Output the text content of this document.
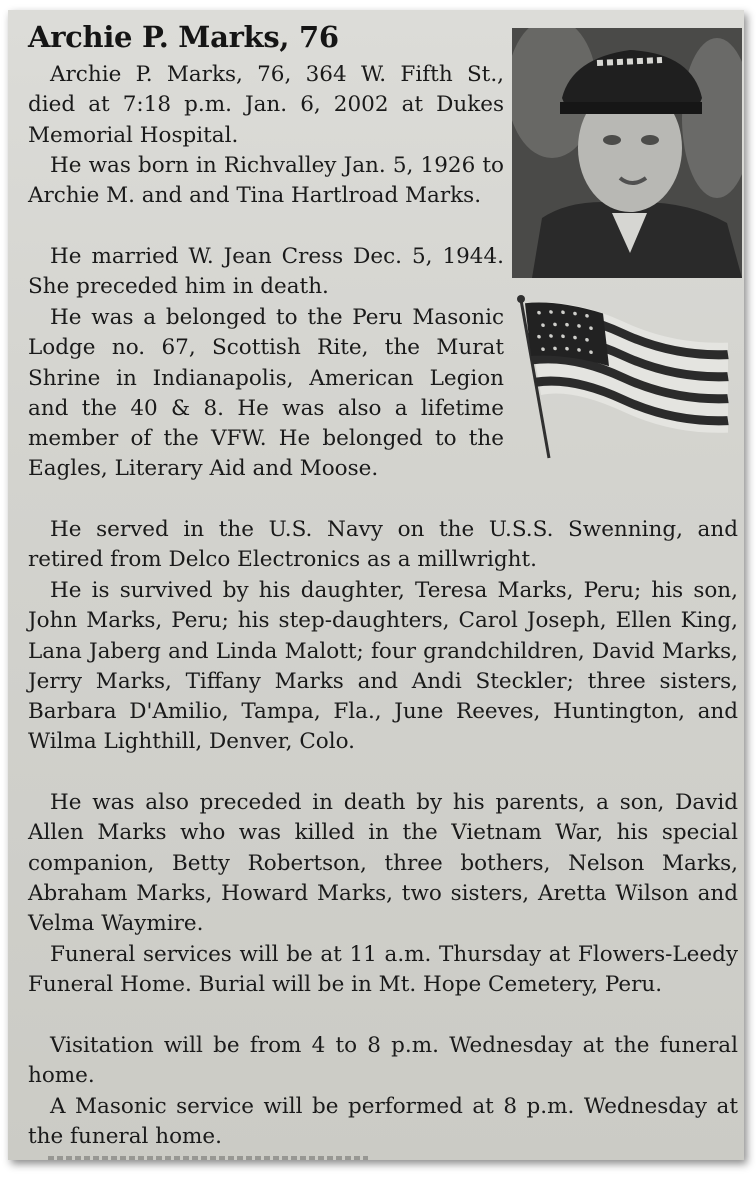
Archie P. Marks, 76

Archie P. Marks, 76, 364 W. Fifth St., died at 7:18 p.m. Jan. 6, 2002 at Dukes Memorial Hospital.

He was born in Richvalley Jan. 5, 1926 to Archie M. and and Tina Hartlroad Marks.

He married W. Jean Cress Dec. 5, 1944. She preceded him in death.

He was a belonged to the Peru Masonic Lodge no. 67, Scottish Rite, the Murat Shrine in Indianapolis, American Legion and the 40 & 8. He was also a lifetime member of the VFW. He belonged to the Eagles, Literary Aid and Moose.

He served in the U.S. Navy on the U.S.S. Swenning, and retired from Delco Electronics as a millwright.

He is survived by his daughter, Teresa Marks, Peru; his son, John Marks, Peru; his step-daughters, Carol Joseph, Ellen King, Lana Jaberg and Linda Malott; four grandchildren, David Marks, Jerry Marks, Tiffany Marks and Andi Steckler; three sisters, Barbara D'Amilio, Tampa, Fla., June Reeves, Huntington, and Wilma Lighthill, Denver, Colo.

He was also preceded in death by his parents, a son, David Allen Marks who was killed in the Vietnam War, his special companion, Betty Robertson, three bothers, Nelson Marks, Abraham Marks, Howard Marks, two sisters, Aretta Wilson and Velma Waymire.

Funeral services will be at 11 a.m. Thursday at Flowers-Leedy Funeral Home. Burial will be in Mt. Hope Cemetery, Peru.

Visitation will be from 4 to 8 p.m. Wednesday at the funeral home.

A Masonic service will be performed at 8 p.m. Wednesday at the funeral home.
